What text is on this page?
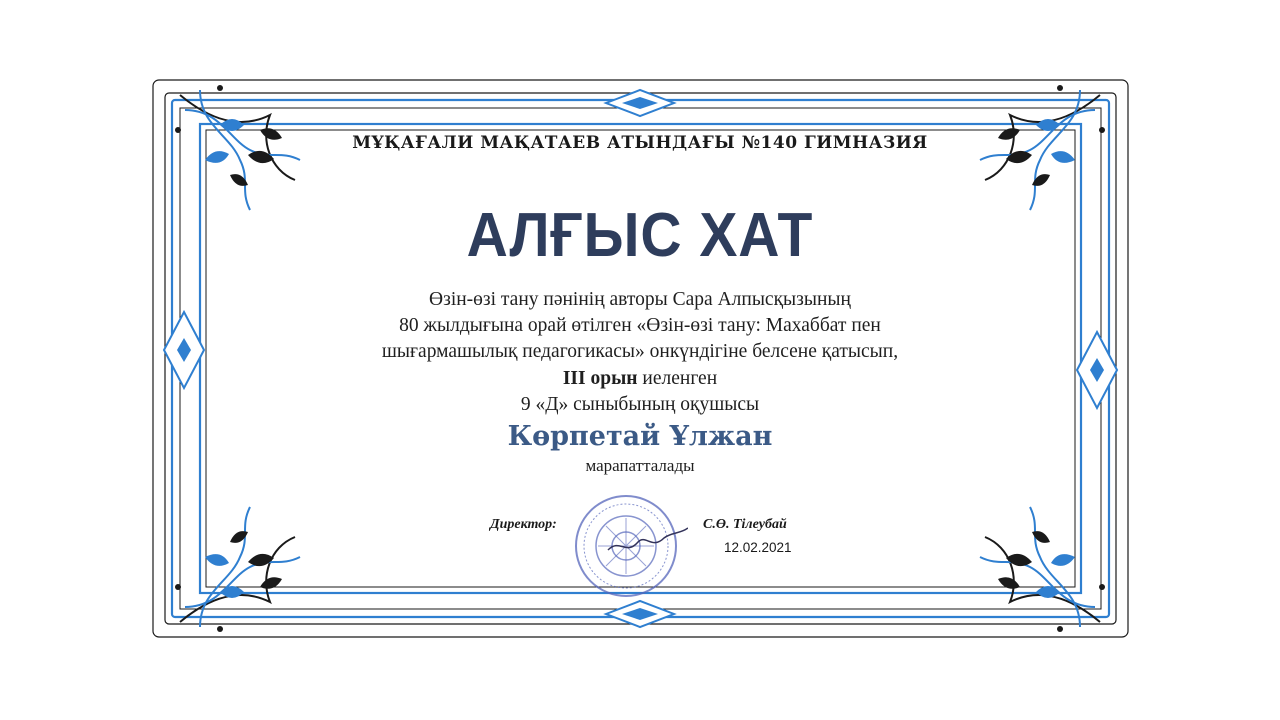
МҰҚАҒАЛИ МАҚАТАЕВ АТЫНДАҒЫ №140 ГИМНАЗИЯ
АЛҒЫС ХАТ
Өзін-өзі тану пәнінің авторы Сара Алпысқызының
80 жылдығына орай өтілген «Өзін-өзі тану: Махаббат пен
шығармашылық педагогикасы» онкүндігіне белсене қатысып,
III орын иеленген
9 «Д» сыныбының оқушысы
Көрпетай Ұлжан
марапатталады
Директор:	С.Ө. Тілеубай
12.02.2021
